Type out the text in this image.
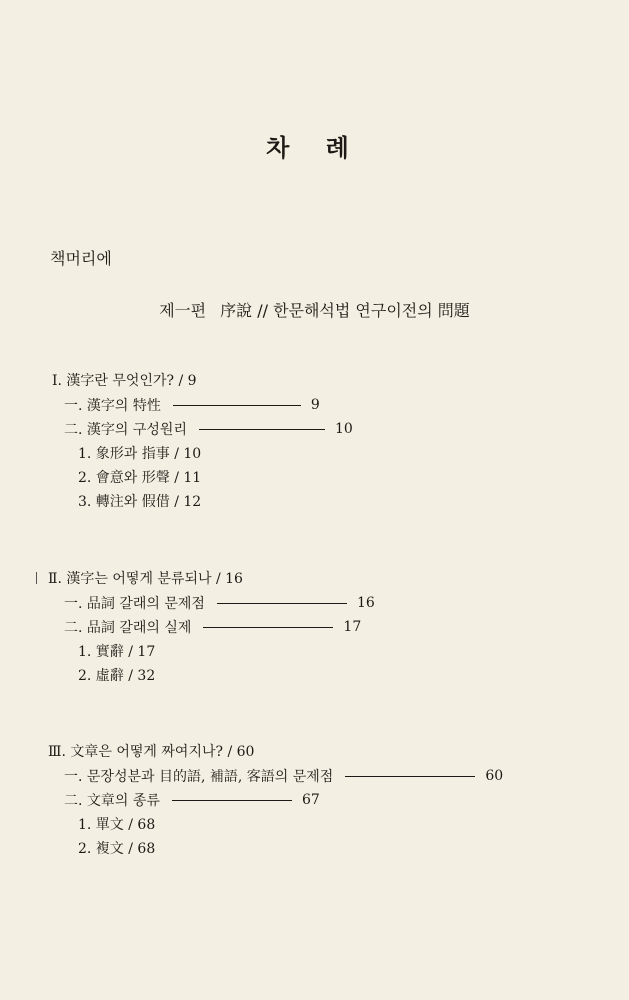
차 례
책머리에
제一편 序說 // 한문해석법 연구이전의 問題
Ⅰ. 漢字란 무엇인가? / 9
一. 漢字의 特性	9
二. 漢字의 구성원리	10
1. 象形과 指事 / 10
2. 會意와 形聲 / 11
3. 轉注와 假借 / 12
Ⅱ. 漢字는 어떻게 분류되나 / 16
一. 品詞 갈래의 문제점	16
二. 品詞 갈래의 실제	17
1. 實辭 / 17
2. 虛辭 / 32
Ⅲ. 文章은 어떻게 짜여지나? / 60
一. 문장성분과 目的語, 補語, 客語의 문제점	60
二. 文章의 종류	67
1. 單文 / 68
2. 複文 / 68
